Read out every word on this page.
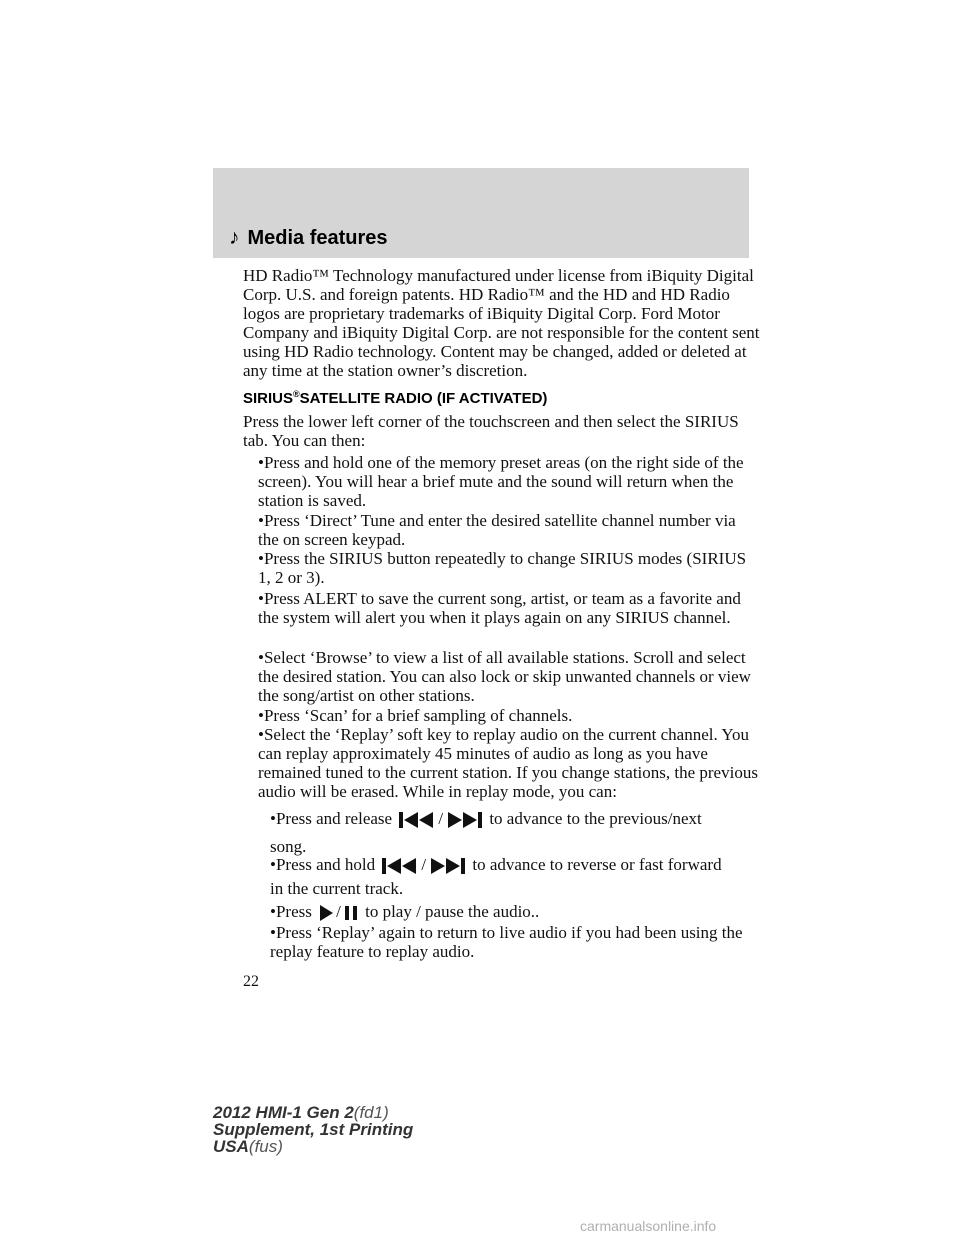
♪ Media features

HD Radio™ Technology manufactured under license from iBiquity Digital Corp. U.S. and foreign patents. HD Radio™ and the HD and HD Radio logos are proprietary trademarks of iBiquity Digital Corp. Ford Motor Company and iBiquity Digital Corp. are not responsible for the content sent using HD Radio technology. Content may be changed, added or deleted at any time at the station owner’s discretion.

SIRIUS®SATELLITE RADIO (IF ACTIVATED)

Press the lower left corner of the touchscreen and then select the SIRIUS tab. You can then:

•Press and hold one of the memory preset areas (on the right side of the screen). You will hear a brief mute and the sound will return when the station is saved.

•Press ‘Direct’ Tune and enter the desired satellite channel number via the on screen keypad.

•Press the SIRIUS button repeatedly to change SIRIUS modes (SIRIUS 1, 2 or 3).

•Press ALERT to save the current song, artist, or team as a favorite and the system will alert you when it plays again on any SIRIUS channel.

•Select ‘Browse’ to view a list of all available stations. Scroll and select the desired station. You can also lock or skip unwanted channels or view the song/artist on other stations.

•Press ‘Scan’ for a brief sampling of channels.

•Select the ‘Replay’ soft key to replay audio on the current channel. You can replay approximately 45 minutes of audio as long as you have remained tuned to the current station. If you change stations, the previous audio will be erased. While in replay mode, you can:

•Press and release	/	to advance to the previous/next

song.

•Press and hold	/	to advance to reverse or fast forward

in the current track.

•Press / to play / pause the audio..

•Press ‘Replay’ again to return to live audio if you had been using the replay feature to replay audio.

22

2012 HMI-1 Gen 2(fd1)
Supplement, 1st Printing
USA(fus)

carmanualsonline.info
